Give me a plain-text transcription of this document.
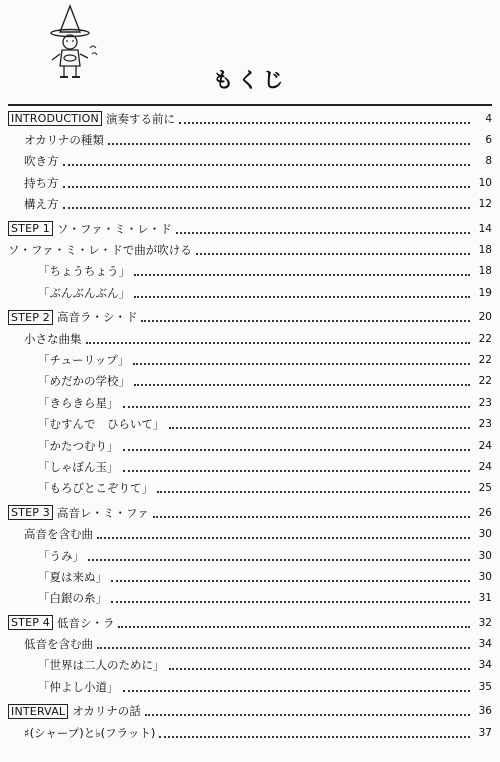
もくじ
INTRODUCTION 演奏する前に	4
オカリナの種類	6
吹き方	8
持ち方	10
構え方	12
STEP 1 ソ・ファ・ミ・レ・ド	14
ソ・ファ・ミ・レ・ドで曲が吹ける	18
「ちょうちょう」	18
「ぶんぶんぶん」	19
STEP 2 高音ラ・シ・ド	20
小さな曲集	22
「チューリップ」	22
「めだかの学校」	22
「きらきら星」	23
「むすんで　ひらいて」	23
「かたつむり」	24
「しゃぼん玉」	24
「もろびとこぞりて」	25
STEP 3 高音レ・ミ・ファ	26
高音を含む曲	30
「うみ」	30
「夏は来ぬ」	30
「白銀の糸」	31
STEP 4 低音シ・ラ	32
低音を含む曲	34
「世界は二人のために」	34
「仲よし小道」	35
INTERVAL オカリナの話	36
♯(シャープ)と♭(フラット)	37
